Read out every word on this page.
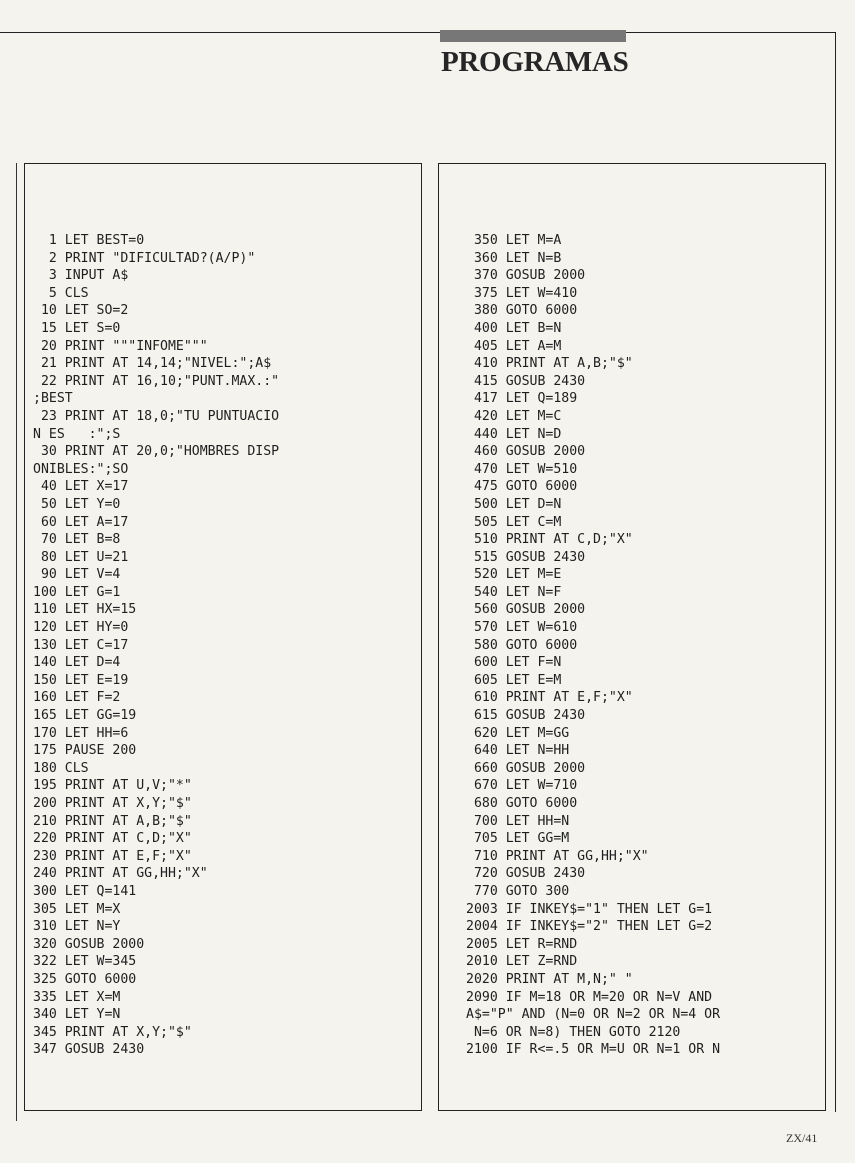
PROGRAMAS
1 LET BEST=0
2 PRINT "DIFICULTAD?(A/P)"
3 INPUT A$
5 CLS
10 LET SO=2
15 LET S=0
20 PRINT """INFOME"""
21 PRINT AT 14,14;"NIVEL:";A$
22 PRINT AT 16,10;"PUNT.MAX.:"
;BEST
23 PRINT AT 18,0;"TU PUNTUACIO
N ES   :";S
30 PRINT AT 20,0;"HOMBRES DISP
ONIBLES:";SO
40 LET X=17
50 LET Y=0
60 LET A=17
70 LET B=8
80 LET U=21
90 LET V=4
100 LET G=1
110 LET HX=15
120 LET HY=0
130 LET C=17
140 LET D=4
150 LET E=19
160 LET F=2
165 LET GG=19
170 LET HH=6
175 PAUSE 200
180 CLS
195 PRINT AT U,V;"*"
200 PRINT AT X,Y;"$"
210 PRINT AT A,B;"$"
220 PRINT AT C,D;"X"
230 PRINT AT E,F;"X"
240 PRINT AT GG,HH;"X"
300 LET Q=141
305 LET M=X
310 LET N=Y
320 GOSUB 2000
322 LET W=345
325 GOTO 6000
335 LET X=M
340 LET Y=N
345 PRINT AT X,Y;"$"
347 GOSUB 2430
350 LET M=A
360 LET N=B
370 GOSUB 2000
375 LET W=410
380 GOTO 6000
400 LET B=N
405 LET A=M
410 PRINT AT A,B;"$"
415 GOSUB 2430
417 LET Q=189
420 LET M=C
440 LET N=D
460 GOSUB 2000
470 LET W=510
475 GOTO 6000
500 LET D=N
505 LET C=M
510 PRINT AT C,D;"X"
515 GOSUB 2430
520 LET M=E
540 LET N=F
560 GOSUB 2000
570 LET W=610
580 GOTO 6000
600 LET F=N
605 LET E=M
610 PRINT AT E,F;"X"
615 GOSUB 2430
620 LET M=GG
640 LET N=HH
660 GOSUB 2000
670 LET W=710
680 GOTO 6000
700 LET HH=N
705 LET GG=M
710 PRINT AT GG,HH;"X"
720 GOSUB 2430
770 GOTO 300
2003 IF INKEY$="1" THEN LET G=1
2004 IF INKEY$="2" THEN LET G=2
2005 LET R=RND
2010 LET Z=RND
2020 PRINT AT M,N;" "
2090 IF M=18 OR M=20 OR N=V AND
A$="P" AND (N=0 OR N=2 OR N=4 OR
N=6 OR N=8) THEN GOTO 2120
2100 IF R<=.5 OR M=U OR N=1 OR N
ZX/41
